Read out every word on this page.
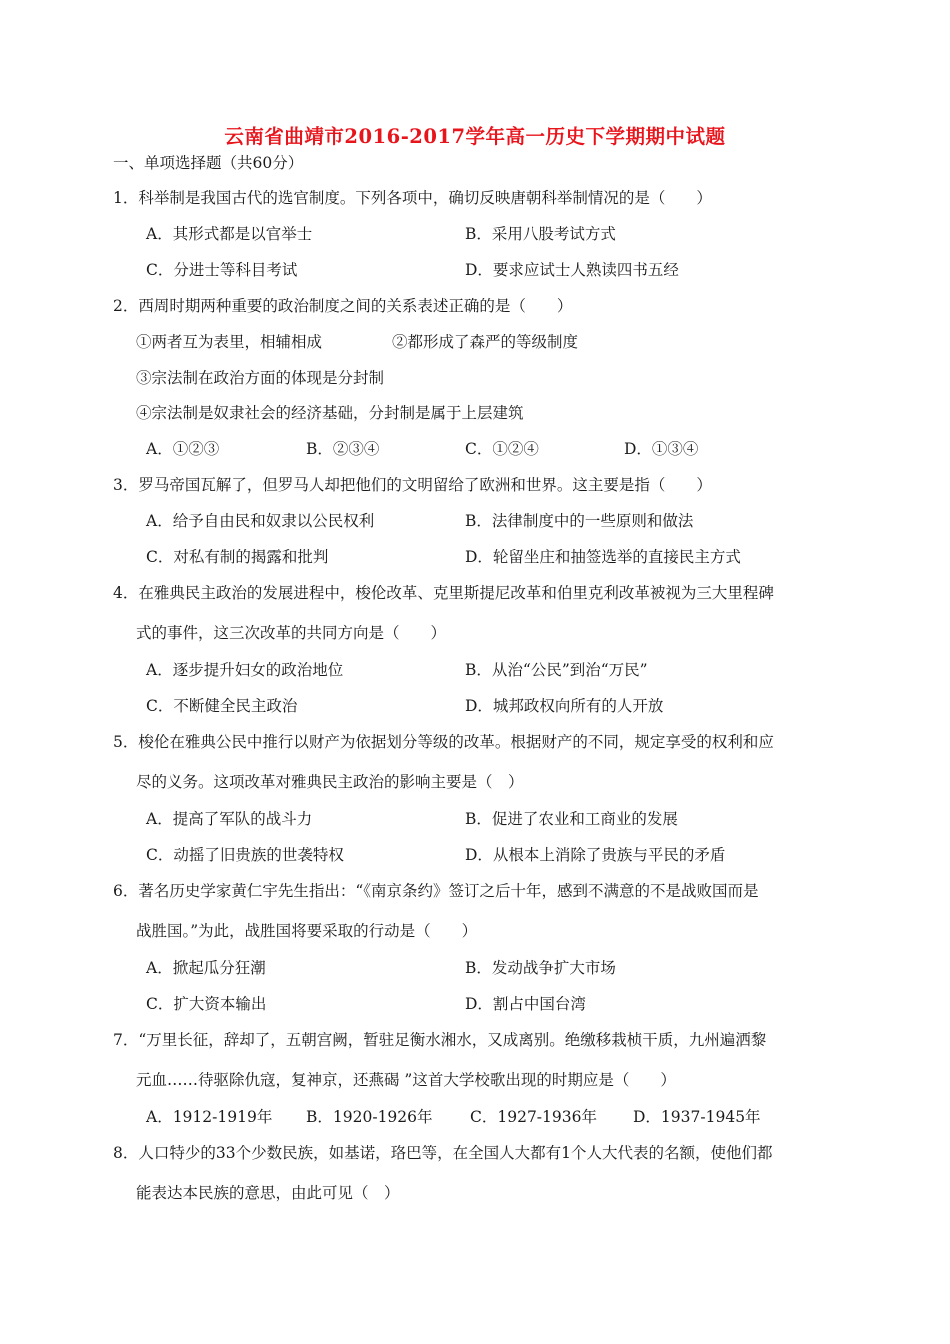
云南省曲靖市2016-2017学年高一历史下学期期中试题
一、单项选择题（共60分）
1．科举制是我国古代的选官制度。下列各项中，确切反映唐朝科举制情况的是（　　）
A．其形式都是以官举士	B．采用八股考试方式
C．分进士等科目考试	D．要求应试士人熟读四书五经
2．西周时期两种重要的政治制度之间的关系表述正确的是（　　）
①两者互为表里，相辅相成	②都形成了森严的等级制度
③宗法制在政治方面的体现是分封制
④宗法制是奴隶社会的经济基础，分封制是属于上层建筑
A．①②③	B．②③④	C．①②④	D．①③④
3．罗马帝国瓦解了，但罗马人却把他们的文明留给了欧洲和世界。这主要是指（　　）
A．给予自由民和奴隶以公民权利	B．法律制度中的一些原则和做法
C．对私有制的揭露和批判	D．轮留坐庄和抽签选举的直接民主方式
4．在雅典民主政治的发展进程中，梭伦改革、克里斯提尼改革和伯里克利改革被视为三大里程碑
式的事件，这三次改革的共同方向是（　　）
A．逐步提升妇女的政治地位	B．从治“公民”到治“万民”
C．不断健全民主政治	D．城邦政权向所有的人开放
5．梭伦在雅典公民中推行以财产为依据划分等级的改革。根据财产的不同，规定享受的权利和应
尽的义务。这项改革对雅典民主政治的影响主要是（　）
A．提高了军队的战斗力	B．促进了农业和工商业的发展
C．动摇了旧贵族的世袭特权	D．从根本上消除了贵族与平民的矛盾
6．著名历史学家黄仁宇先生指出：“《南京条约》签订之后十年，感到不满意的不是战败国而是
战胜国。”为此，战胜国将要采取的行动是（　　）
A．掀起瓜分狂潮	B．发动战争扩大市场
C．扩大资本输出	D．割占中国台湾
7．“万里长征，辞却了，五朝宫阙，暂驻足衡水湘水，又成离别。绝缴移栽桢干质，九州遍洒黎
元血……待驱除仇寇，复神京，还燕碣 ”这首大学校歌出现的时期应是（　　）
A．1912-1919年 B．1920-1926年 C．1927-1936年 D．1937-1945年
8．人口特少的33个少数民族，如基诺，珞巴等，在全国人大都有1个人大代表的名额，使他们都
能表达本民族的意思，由此可见（　）
